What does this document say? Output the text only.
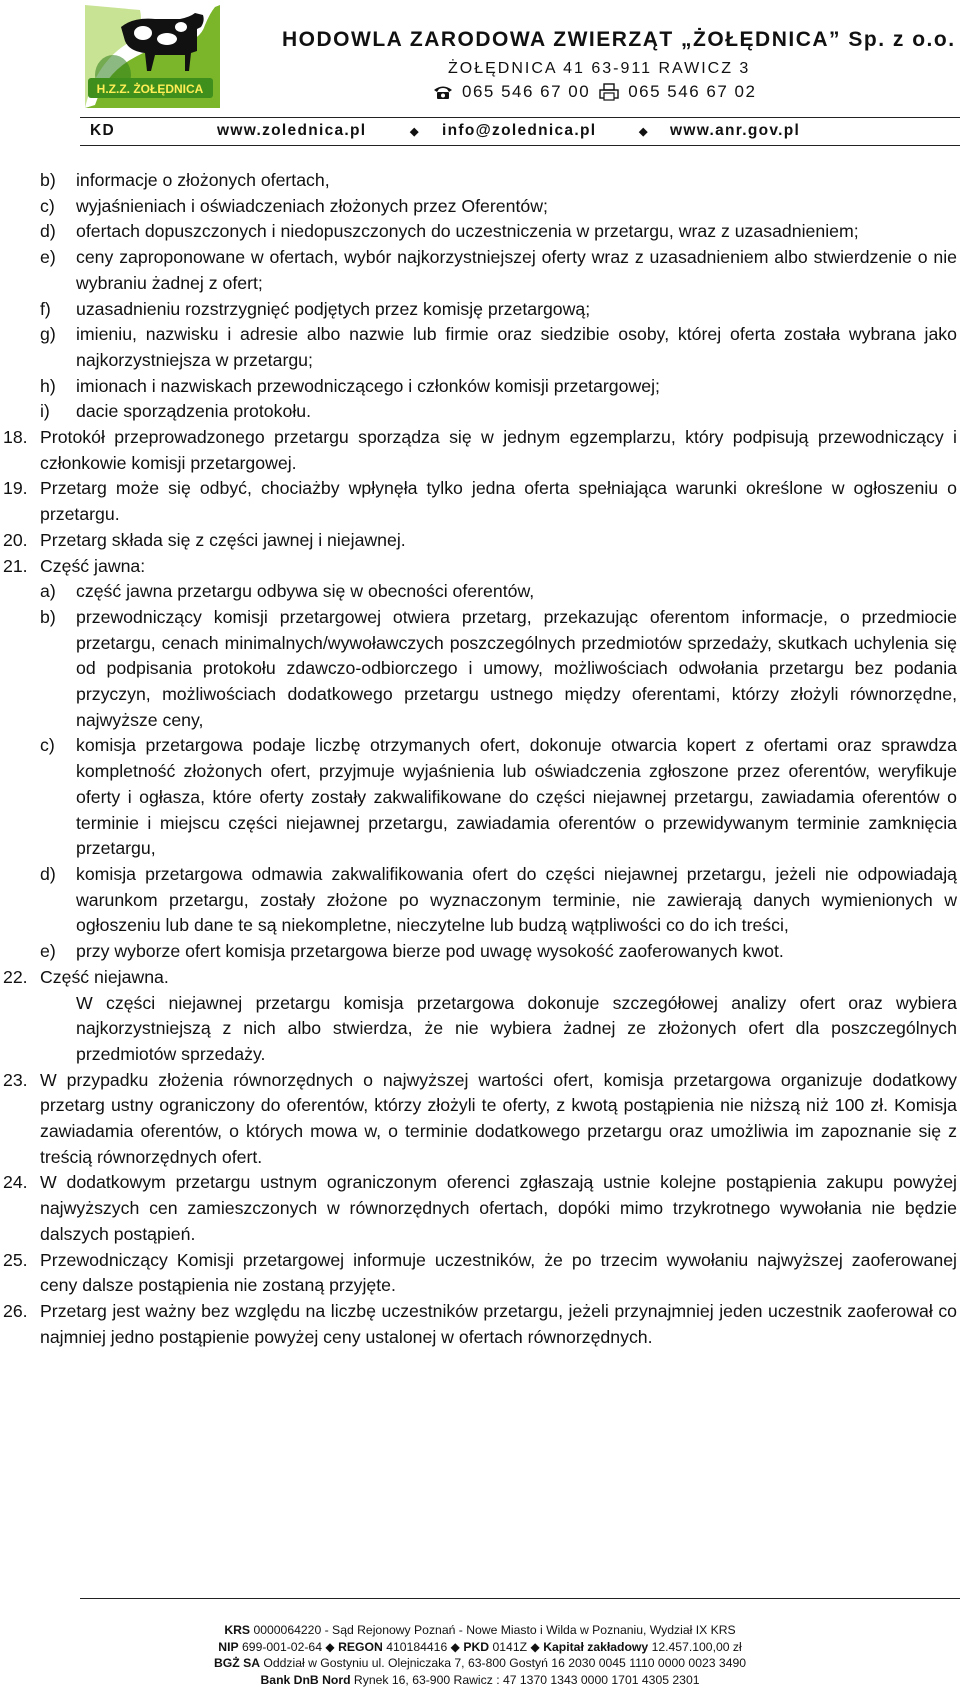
H.Z.Z. ŻOŁĘDNICA
HODOWLA ZARODOWA ZWIERZĄT „ŻOŁĘDNICA” Sp. z o.o.
ŻOŁĘDNICA 41 63-911 RAWICZ 3
065 546 67 00 065 546 67 02
KD	www.zolednica.pl	◆ info@zolednica.pl	◆ www.anr.gov.pl
b) informacje o złożonych ofertach,
c) wyjaśnieniach i oświadczeniach złożonych przez Oferentów;
d) ofertach dopuszczonych i niedopuszczonych do uczestniczenia w przetargu, wraz z uzasadnieniem;
e) ceny zaproponowane w ofertach, wybór najkorzystniejszej oferty wraz z uzasadnieniem albo stwierdzenie o nie wybraniu żadnej z ofert;
f) uzasadnieniu rozstrzygnięć podjętych przez komisję przetargową;
g) imieniu, nazwisku i adresie albo nazwie lub firmie oraz siedzibie osoby, której oferta została wybrana jako najkorzystniejsza w przetargu;
h) imionach i nazwiskach przewodniczącego i członków komisji przetargowej;
i) dacie sporządzenia protokołu.
18. Protokół przeprowadzonego przetargu sporządza się w jednym egzemplarzu, który podpisują przewodniczący i członkowie komisji przetargowej.
19. Przetarg może się odbyć, chociażby wpłynęła tylko jedna oferta spełniająca warunki określone w ogłoszeniu o przetargu.
20. Przetarg składa się z części jawnej i niejawnej.
21. Część jawna:
a) część jawna przetargu odbywa się w obecności oferentów,
b) przewodniczący komisji przetargowej otwiera przetarg, przekazując oferentom informacje, o przedmiocie przetargu, cenach minimalnych/wywoławczych poszczególnych przedmiotów sprzedaży, skutkach uchylenia się od podpisania protokołu zdawczo-odbiorczego i umowy, możliwościach odwołania przetargu bez podania przyczyn, możliwościach dodatkowego przetargu ustnego między oferentami, którzy złożyli równorzędne, najwyższe ceny,
c) komisja przetargowa podaje liczbę otrzymanych ofert, dokonuje otwarcia kopert z ofertami oraz sprawdza kompletność złożonych ofert, przyjmuje wyjaśnienia lub oświadczenia zgłoszone przez oferentów, weryfikuje oferty i ogłasza, które oferty zostały zakwalifikowane do części niejawnej przetargu, zawiadamia oferentów o terminie i miejscu części niejawnej przetargu, zawiadamia oferentów o przewidywanym terminie zamknięcia przetargu,
d) komisja przetargowa odmawia zakwalifikowania ofert do części niejawnej przetargu, jeżeli nie odpowiadają warunkom przetargu, zostały złożone po wyznaczonym terminie, nie zawierają danych wymienionych w ogłoszeniu lub dane te są niekompletne, nieczytelne lub budzą wątpliwości co do ich treści,
e) przy wyborze ofert komisja przetargowa bierze pod uwagę wysokość zaoferowanych kwot.
22. Część niejawna.
W części niejawnej przetargu komisja przetargowa dokonuje szczegółowej analizy ofert oraz wybiera najkorzystniejszą z nich albo stwierdza, że nie wybiera żadnej ze złożonych ofert dla poszczególnych przedmiotów sprzedaży.
23. W przypadku złożenia równorzędnych o najwyższej wartości ofert, komisja przetargowa organizuje dodatkowy przetarg ustny ograniczony do oferentów, którzy złożyli te oferty, z kwotą postąpienia nie niższą niż 100 zł. Komisja zawiadamia oferentów, o których mowa w, o terminie dodatkowego przetargu oraz umożliwia im zapoznanie się z treścią równorzędnych ofert.
24. W dodatkowym przetargu ustnym ograniczonym oferenci zgłaszają ustnie kolejne postąpienia zakupu powyżej najwyższych cen zamieszczonych w równorzędnych ofertach, dopóki mimo trzykrotnego wywołania nie będzie dalszych postąpień.
25. Przewodniczący Komisji przetargowej informuje uczestników, że po trzecim wywołaniu najwyższej zaoferowanej ceny dalsze postąpienia nie zostaną przyjęte.
26. Przetarg jest ważny bez względu na liczbę uczestników przetargu, jeżeli przynajmniej jeden uczestnik zaoferował co najmniej jedno postąpienie powyżej ceny ustalonej w ofertach równorzędnych.
KRS 0000064220 - Sąd Rejonowy Poznań - Nowe Miasto i Wilda w Poznaniu, Wydział IX KRS
NIP 699-001-02-64 ◆ REGON 410184416 ◆ PKD 0141Z ◆ Kapitał zakładowy 12.457.100,00 zł
BGŻ SA Oddział w Gostyniu ul. Olejniczaka 7, 63-800 Gostyń 16 2030 0045 1110 0000 0023 3490
Bank DnB Nord Rynek 16, 63-900 Rawicz : 47 1370 1343 0000 1701 4305 2301
